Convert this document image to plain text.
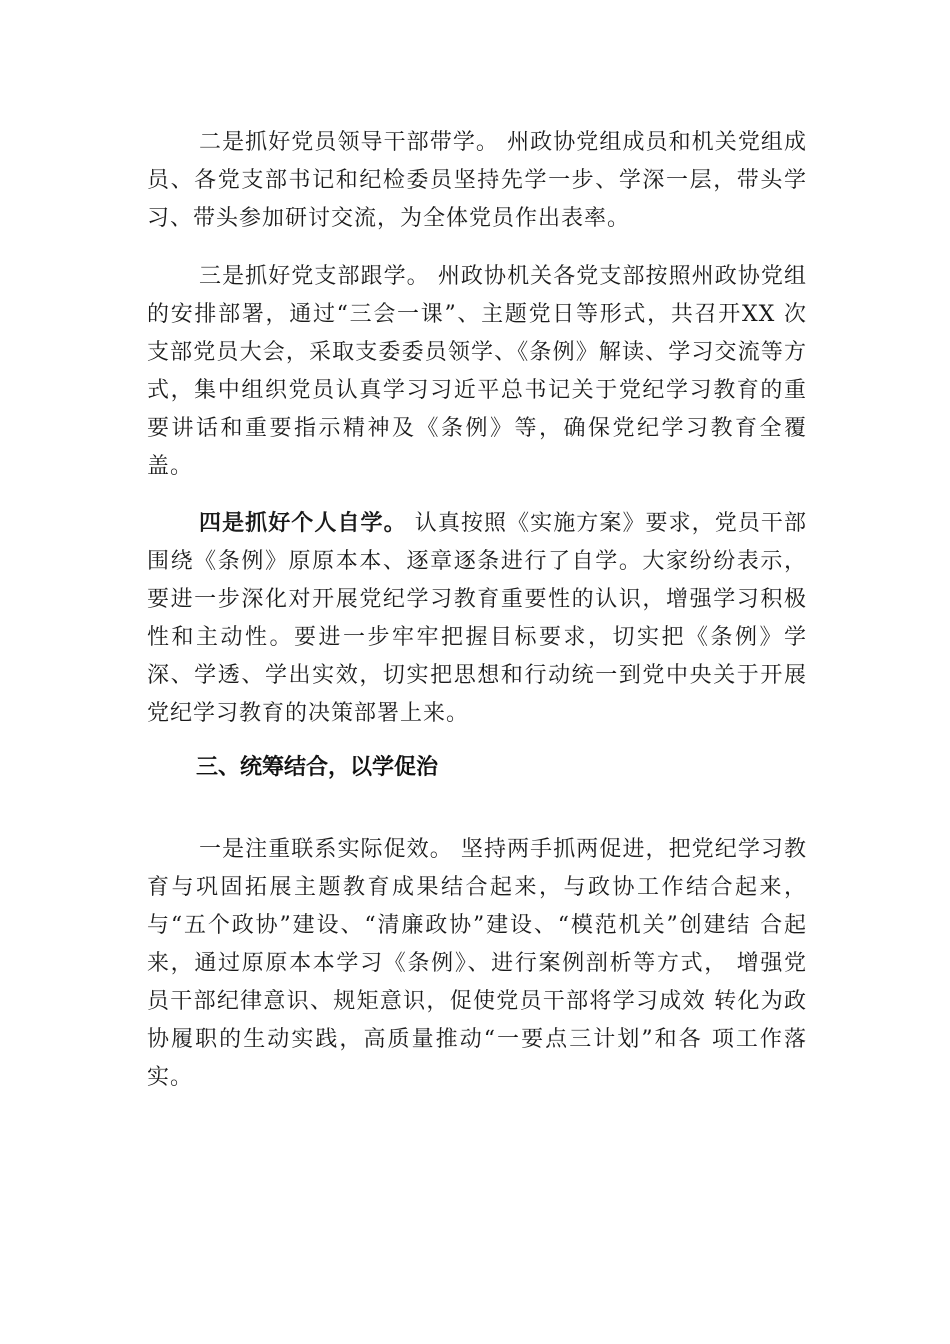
二是抓好党员领导干部带学。 州政协党组成员和机关党组成员、各党支部书记和纪检委员坚持先学一步、学深一层，带头学习、带头参加研讨交流，为全体党员作出表率。

三是抓好党支部跟学。 州政协机关各党支部按照州政协党组的安排部署，通过“三会一课”、主题党日等形式，共召开XX 次支部党员大会，采取支委委员领学、《条例》解读、学习交流等方式，集中组织党员认真学习习近平总书记关于党纪学习教育的重要讲话和重要指示精神及《条例》等，确保党纪学习教育全覆盖。

四是抓好个人自学。 认真按照《实施方案》要求，党员干部围绕《条例》原原本本、逐章逐条进行了自学。大家纷纷表示，要进一步深化对开展党纪学习教育重要性的认识，增强学习积极性和主动性。要进一步牢牢把握目标要求，切实把《条例》学深、学透、学出实效，切实把思想和行动统一到党中央关于开展党纪学习教育的决策部署上来。

三、统筹结合，以学促治

一是注重联系实际促效。 坚持两手抓两促进，把党纪学习教育与巩固拓展主题教育成果结合起来，与政协工作结合起来，与“五个政协”建设、“清廉政协”建设、“模范机关”创建结 合起来，通过原原本本学习《条例》、进行案例剖析等方式， 增强党员干部纪律意识、规矩意识，促使党员干部将学习成效 转化为政协履职的生动实践，高质量推动“一要点三计划”和各 项工作落实。
